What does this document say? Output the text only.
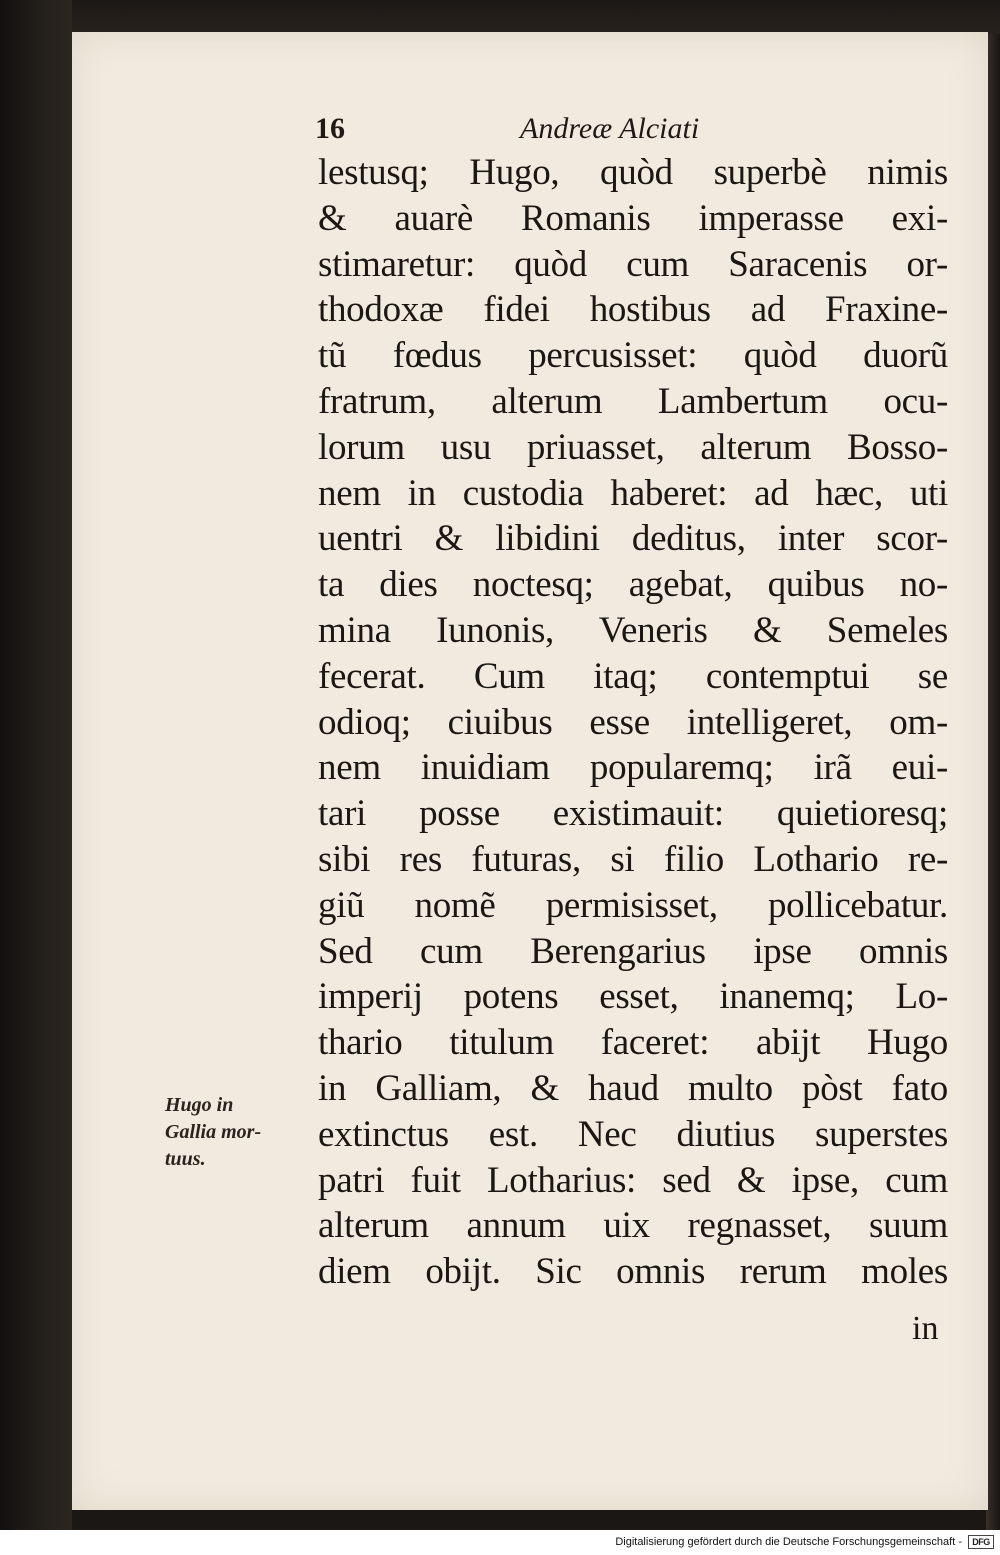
16	Andreæ Alciati
lestusq; Hugo, quòd superbè nimis
& auarè Romanis imperasse exi-
stimaretur: quòd cum Saracenis or-
thodoxæ fidei hostibus ad Fraxine-
tũ fœdus percusisset: quòd duorũ
fratrum, alterum Lambertum ocu-
lorum usu priuasset, alterum Bosso-
nem in custodia haberet: ad hæc, uti
uentri & libidini deditus, inter scor-
ta dies noctesq; agebat, quibus no-
mina Iunonis, Veneris & Semeles
fecerat. Cum itaq; contemptui se
odioq; ciuibus esse intelligeret, om-
nem inuidiam popularemq; irã eui-
tari posse existimauit: quietioresq;
sibi res futuras, si filio Lothario re-
giũ nomẽ permisisset, pollicebatur.
Sed cum Berengarius ipse omnis
imperij potens esset, inanemq; Lo-
thario titulum faceret: abijt Hugo
in Galliam, & haud multo pòst fato
extinctus est. Nec diutius superstes
patri fuit Lotharius: sed & ipse, cum
alterum annum uix regnasset, suum
diem obijt. Sic omnis rerum moles
in
Hugo in
Gallia mor-
tuus.
Digitalisierung gefördert durch die Deutsche Forschungsgemeinschaft -	DFG
